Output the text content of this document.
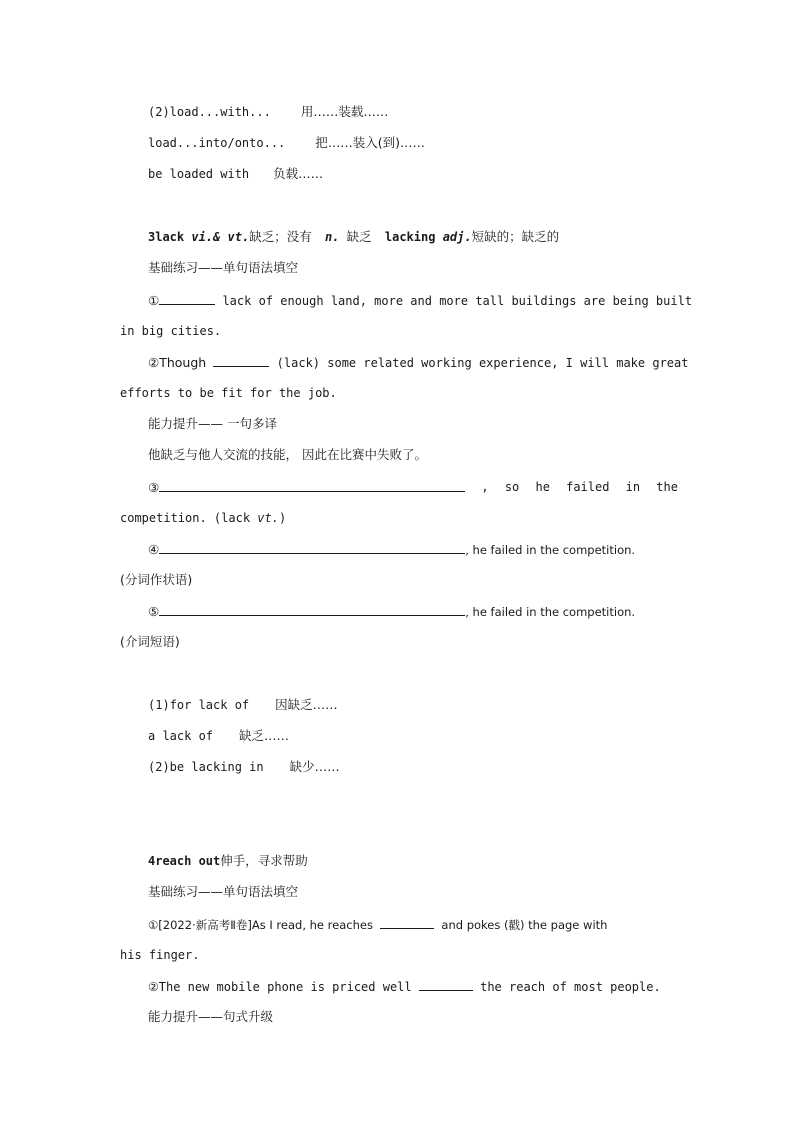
(2)load...with... 用……装载……
load...into/onto... 把……装入(到)……
be loaded with 负载……
3lack vi.& vt.缺乏；没有 n. 缺乏 lacking adj.短缺的；缺乏的
基础练习——单句语法填空
①	lack of enough land, more and more tall buildings are being built
in big cities.
②Though	(lack) some related working experience, I will make great
efforts to be fit for the job.
能力提升—— 一句多译
他缺乏与他人交流的技能， 因此在比赛中失败了。
③	, so he failed in the
competition. (lack vt.)
④	, he failed in the competition.
(分词作状语)
⑤	, he failed in the competition.
(介词短语)
(1)for lack of 因缺乏……
a lack of 缺乏……
(2)be lacking in 缺少……
4reach out伸手，寻求帮助
基础练习——单句语法填空
①[2022·新高考Ⅱ卷]As I read, he reaches	and pokes (戳) the page with
his finger.
②The new mobile phone is priced well	the reach of most people.
能力提升——句式升级
